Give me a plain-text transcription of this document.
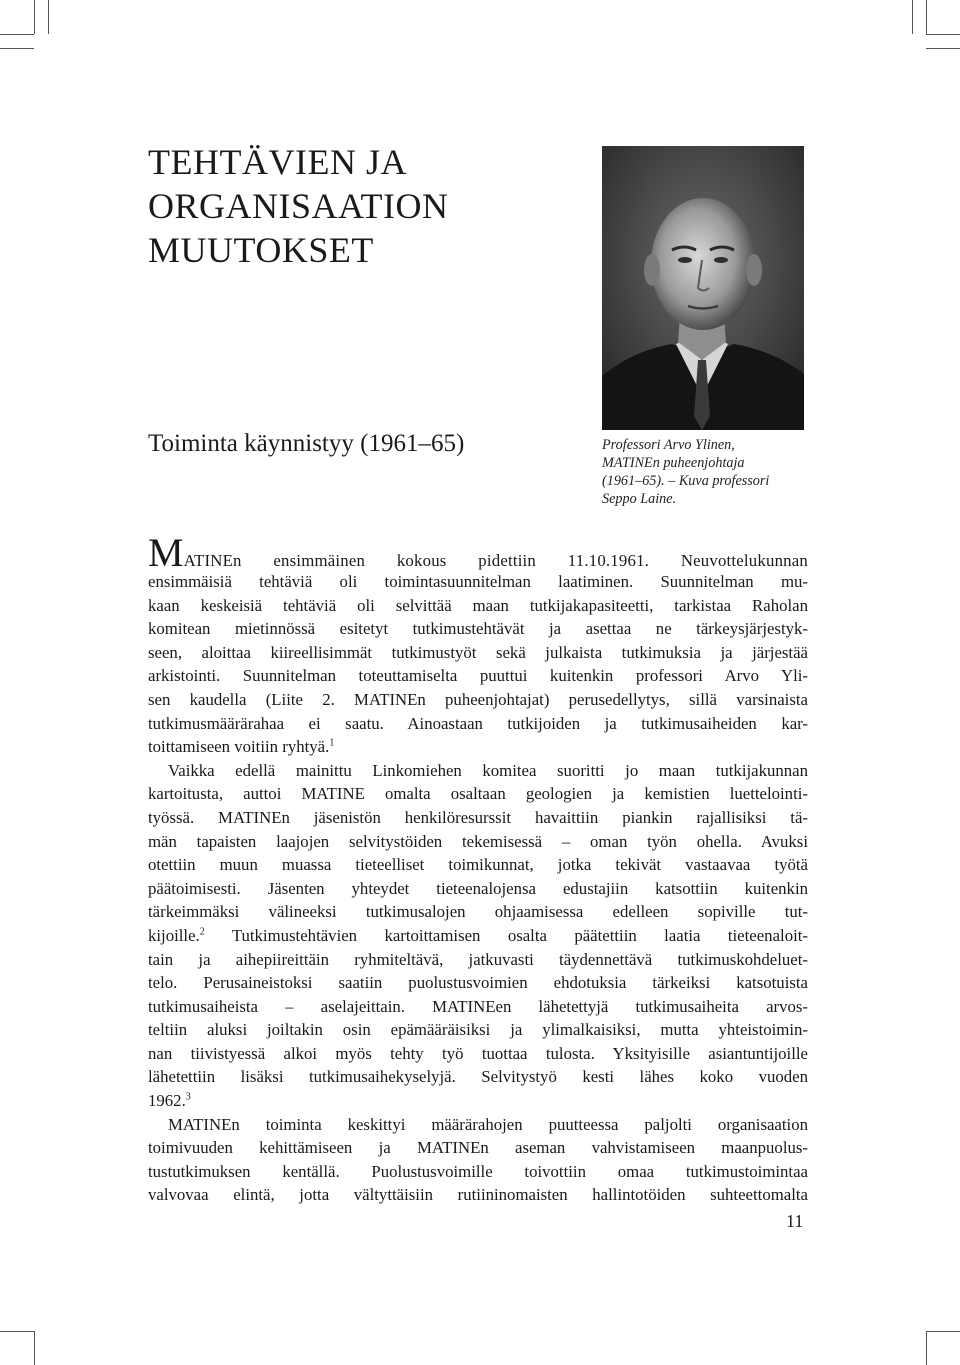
TEHTÄVIEN JA
ORGANISAATION
MUUTOKSET
Professori Arvo Ylinen,
MATINEn puheenjohtaja
(1961–65). – Kuva professori
Seppo Laine.
Toiminta käynnistyy (1961–65)
MATINEn ensimmäinen kokous pidettiin 11.10.1961. Neuvottelukunnan
ensimmäisiä tehtäviä oli toimintasuunnitelman laatiminen. Suunnitelman mu-
kaan keskeisiä tehtäviä oli selvittää maan tutkijakapasiteetti, tarkistaa Raholan
komitean mietinnössä esitetyt tutkimustehtävät ja asettaa ne tärkeysjärjestyk-
seen, aloittaa kiireellisimmät tutkimustyöt sekä julkaista tutkimuksia ja järjestää
arkistointi. Suunnitelman toteuttamiselta puuttui kuitenkin professori Arvo Yli-
sen kaudella (Liite 2. MATINEn puheenjohtajat) perusedellytys, sillä varsinaista
tutkimusmäärärahaa ei saatu. Ainoastaan tutkijoiden ja tutkimusaiheiden kar-
toittamiseen voitiin ryhtyä.$^1$
Vaikka edellä mainittu Linkomiehen komitea suoritti jo maan tutkijakunnan
kartoitusta, auttoi MATINE omalta osaltaan geologien ja kemistien luettelointi-
työssä. MATINEn jäsenistön henkilöresurssit havaittiin piankin rajallisiksi tä-
män tapaisten laajojen selvitystöiden tekemisessä – oman työn ohella. Avuksi
otettiin muun muassa tieteelliset toimikunnat, jotka tekivät vastaavaa työtä
päätoimisesti. Jäsenten yhteydet tieteenalojensa edustajiin katsottiin kuitenkin
tärkeimmäksi välineeksi tutkimusalojen ohjaamisessa edelleen sopiville tut-
kijoille.$^2$ Tutkimustehtävien kartoittamisen osalta päätettiin laatia tieteenaloit-
tain ja aihepiireittäin ryhmiteltävä, jatkuvasti täydennettävä tutkimuskohdeluet-
telo. Perusaineistoksi saatiin puolustusvoimien ehdotuksia tärkeiksi katsotuista
tutkimusaiheista – aselajeittain. MATINEen lähetettyjä tutkimusaiheita arvos-
teltiin aluksi joiltakin osin epämääräisiksi ja ylimalkaisiksi, mutta yhteistoimin-
nan tiivistyessä alkoi myös tehty työ tuottaa tulosta. Yksityisille asiantuntijoille
lähetettiin lisäksi tutkimusaihekyselyjä. Selvitystyö kesti lähes koko vuoden
1962.$^3$
MATINEn toiminta keskittyi määrärahojen puutteessa paljolti organisaation
toimivuuden kehittämiseen ja MATINEn aseman vahvistamiseen maanpuolus-
tustutkimuksen kentällä. Puolustusvoimille toivottiin omaa tutkimustoimintaa
valvovaa elintä, jotta vältyttäisiin rutiininomaisten hallintotöiden suhteettomalta
11
